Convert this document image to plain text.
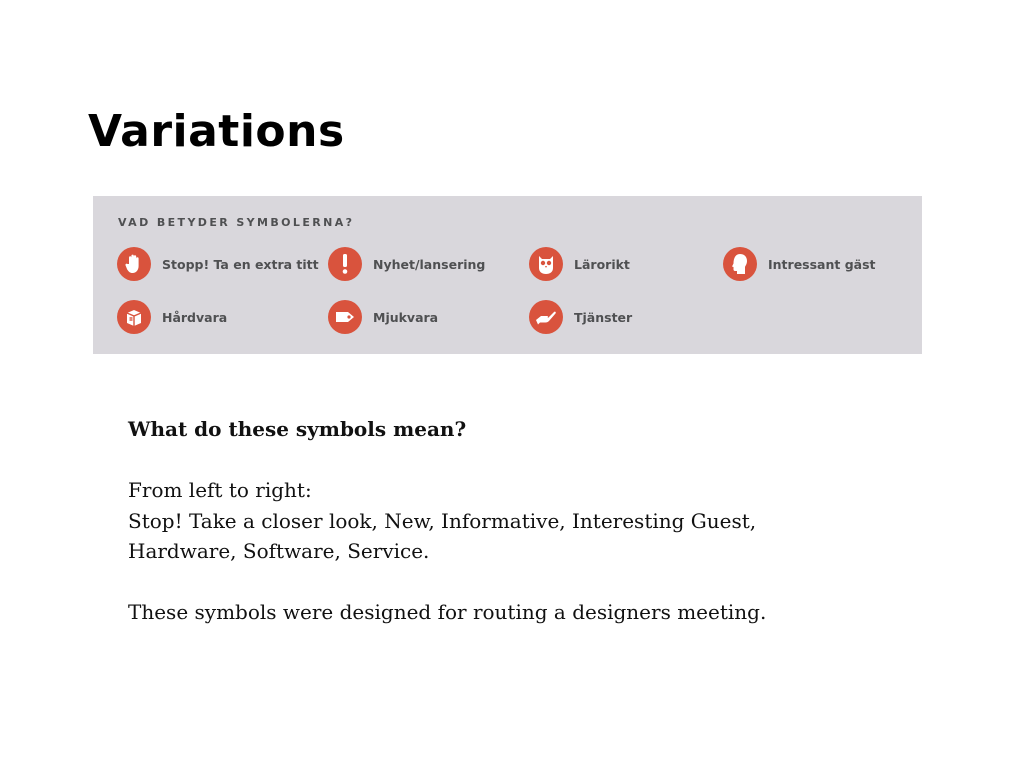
Variations
VAD BETYDER SYMBOLERNA?
Stopp! Ta en extra titt	Nyhet/lansering	Lärorikt	Intressant gäst
Hårdvara	Mjukvara	Tjänster

What do these symbols mean?

From left to right:

Stop! Take a closer look, New, Informative, Interesting Guest,

Hardware, Software, Service.

These symbols were designed for routing a designers meeting.
